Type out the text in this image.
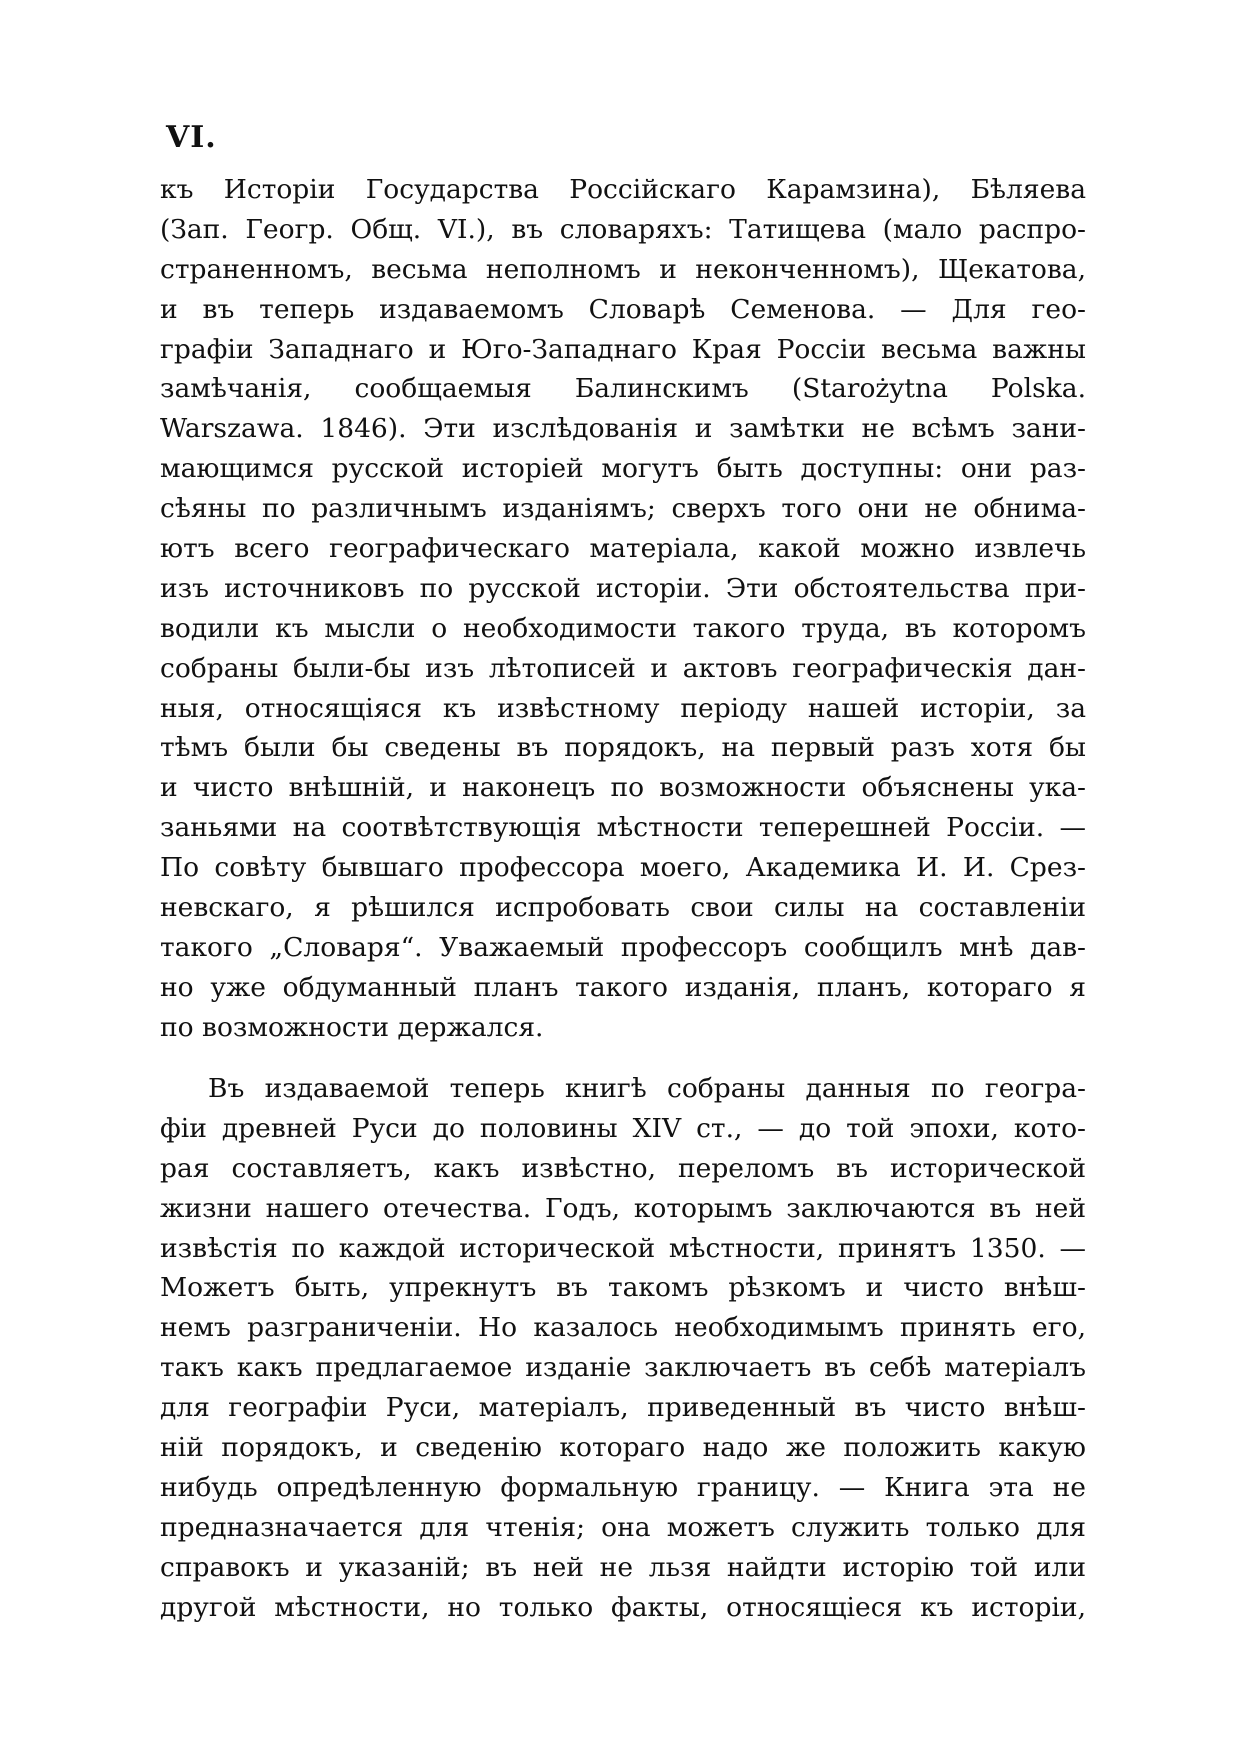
VI.
къ Исторіи Государства Россійскаго Карамзина), Бѣляева
(Зап. Геогр. Общ. VI.), въ словаряхъ: Татищева (мало распро-
страненномъ, весьма неполномъ и неконченномъ), Щекатова,
и въ теперь издаваемомъ Словарѣ Семенова. — Для гео-
графіи Западнаго и Юго-Западнаго Края Россіи весьма важны
замѣчанія, сообщаемыя Балинскимъ (Starożytna Polska.
Warszawa. 1846). Эти изслѣдованія и замѣтки не всѣмъ зани-
мающимся русской исторіей могутъ быть доступны: они раз-
сѣяны по различнымъ изданіямъ; сверхъ того они не обнима-
ютъ всего географическаго матеріала, какой можно извлечь
изъ источниковъ по русской исторіи. Эти обстоятельства при-
водили къ мысли о необходимости такого труда, въ которомъ
собраны были-бы изъ лѣтописей и актовъ географическія дан-
ныя, относящіяся къ извѣстному періоду нашей исторіи, за
тѣмъ были бы сведены въ порядокъ, на первый разъ хотя бы
и чисто внѣшній, и наконецъ по возможности объяснены ука-
заньями на соотвѣтствующія мѣстности теперешней Россіи. —
По совѣту бывшаго профессора моего, Академика И. И. Срез-
невскаго, я рѣшился испробовать свои силы на составленіи
такого „Словаря“. Уважаемый профессоръ сообщилъ мнѣ дав-
но уже обдуманный планъ такого изданія, планъ, котораго я
по возможности держался.
Въ издаваемой теперь книгѣ собраны данныя по геогра-
фіи древней Руси до половины XIV ст., — до той эпохи, кото-
рая составляетъ, какъ извѣстно, переломъ въ исторической
жизни нашего отечества. Годъ, которымъ заключаются въ ней
извѣстія по каждой исторической мѣстности, принятъ 1350. —
Можетъ быть, упрекнутъ въ такомъ рѣзкомъ и чисто внѣш-
немъ разграниченіи. Но казалось необходимымъ принять его,
такъ какъ предлагаемое изданіе заключаетъ въ себѣ матеріалъ
для географіи Руси, матеріалъ, приведенный въ чисто внѣш-
ній порядокъ, и сведенію котораго надо же положить какую
нибудь опредѣленную формальную границу. — Книга эта не
предназначается для чтенія; она можетъ служить только для
справокъ и указаній; въ ней не льзя найдти исторію той или
другой мѣстности, но только факты, относящіеся къ исторіи,
